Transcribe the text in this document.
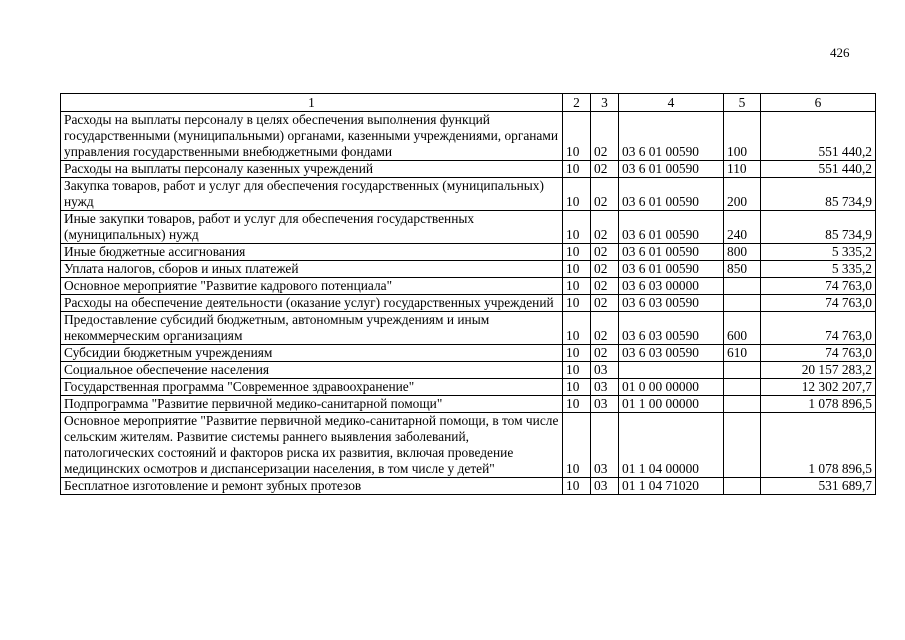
426
1	2	3	4	5	6
Расходы на выплаты персоналу в целях обеспечения выполнения функций государственными (муниципальными) органами, казенными учреждениями, органами управления государственными внебюджетными фондами	10	02	03 6 01 00590	100	551 440,2
Расходы на выплаты персоналу казенных учреждений	10	02	03 6 01 00590	110	551 440,2
Закупка товаров, работ и услуг для обеспечения государственных (муниципальных) нужд	10	02	03 6 01 00590	200	85 734,9
Иные закупки товаров, работ и услуг для обеспечения государственных (муниципальных) нужд	10	02	03 6 01 00590	240	85 734,9
Иные бюджетные ассигнования	10	02	03 6 01 00590	800	5 335,2
Уплата налогов, сборов и иных платежей	10	02	03 6 01 00590	850	5 335,2
Основное мероприятие "Развитие кадрового потенциала"	10	02	03 6 03 00000		74 763,0
Расходы на обеспечение деятельности (оказание услуг) государственных учреждений	10	02	03 6 03 00590		74 763,0
Предоставление субсидий бюджетным, автономным учреждениям и иным некоммерческим организациям	10	02	03 6 03 00590	600	74 763,0
Субсидии бюджетным учреждениям	10	02	03 6 03 00590	610	74 763,0
Социальное обеспечение населения	10	03			20 157 283,2
Государственная программа "Современное здравоохранение"	10	03	01 0 00 00000		12 302 207,7
Подпрограмма "Развитие первичной медико-санитарной помощи"	10	03	01 1 00 00000		1 078 896,5
Основное мероприятие "Развитие первичной медико-санитарной помощи, в том числе сельским жителям. Развитие системы раннего выявления заболеваний, патологических состояний и факторов риска их развития, включая проведение медицинских осмотров и диспансеризации населения, в том числе у детей"	10	03	01 1 04 00000		1 078 896,5
Бесплатное изготовление и ремонт зубных протезов	10	03	01 1 04 71020		531 689,7
